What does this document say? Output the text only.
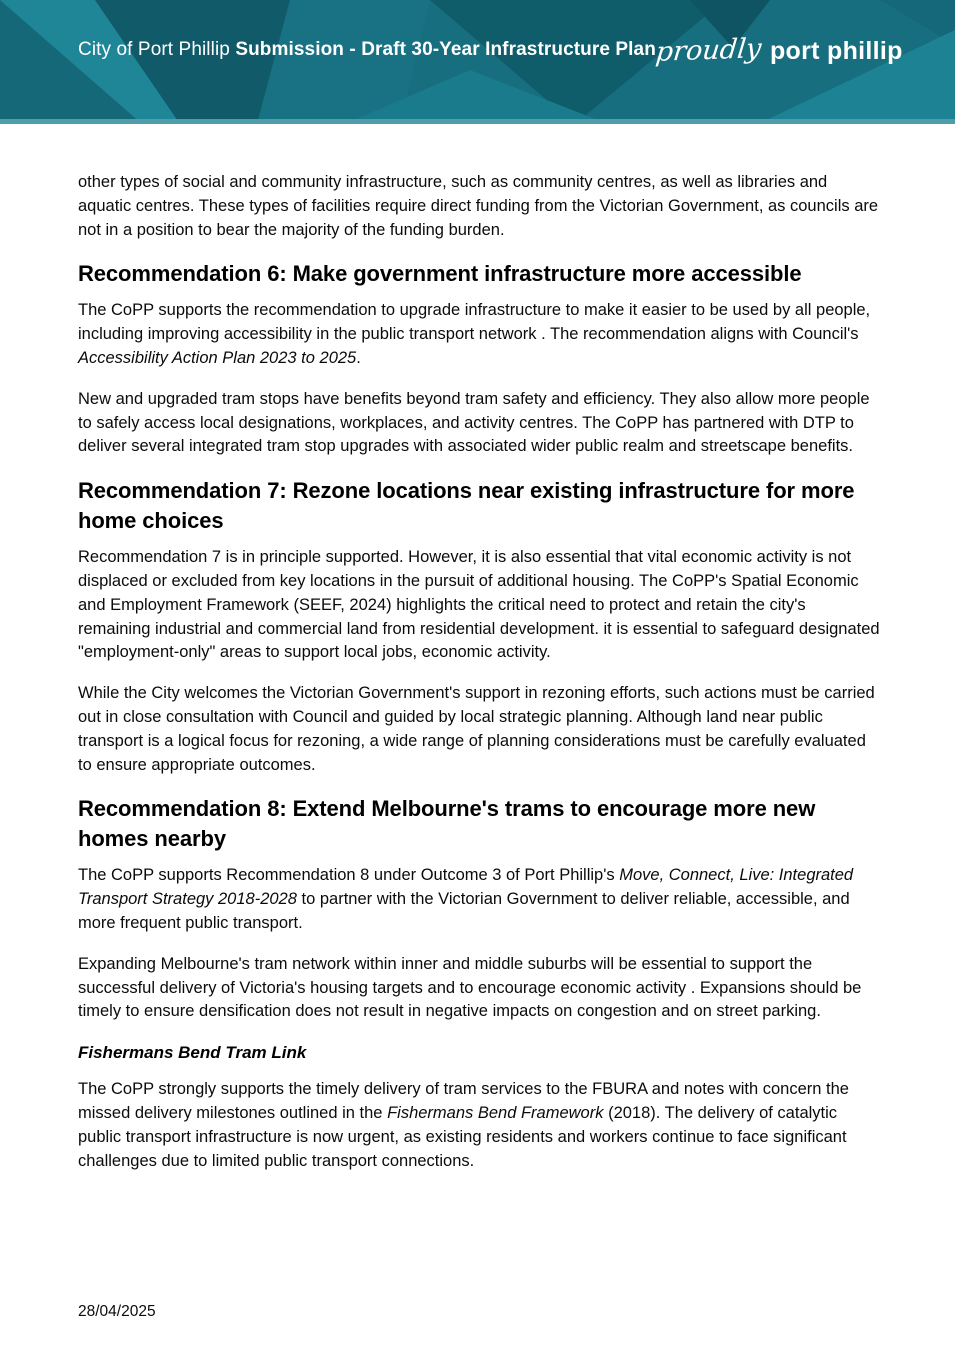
City of Port Phillip Submission - Draft 30-Year Infrastructure Plan
proudly port phillip

other types of social and community infrastructure, such as community centres, as well as libraries and aquatic centres. These types of facilities require direct funding from the Victorian Government, as councils are not in a position to bear the majority of the funding burden.

Recommendation 6: Make government infrastructure more accessible

The CoPP supports the recommendation to upgrade infrastructure to make it easier to be used by all people, including improving accessibility in the public transport network . The recommendation aligns with Council's Accessibility Action Plan 2023 to 2025.

New and upgraded tram stops have benefits beyond tram safety and efficiency. They also allow more people to safely access local designations, workplaces, and activity centres. The CoPP has partnered with DTP to deliver several integrated tram stop upgrades with associated wider public realm and streetscape benefits.

Recommendation 7: Rezone locations near existing infrastructure for more home choices

Recommendation 7 is in principle supported. However, it is also essential that vital economic activity is not displaced or excluded from key locations in the pursuit of additional housing. The CoPP's Spatial Economic and Employment Framework (SEEF, 2024) highlights the critical need to protect and retain the city's remaining industrial and commercial land from residential development. it is essential to safeguard designated "employment-only" areas to support local jobs, economic activity.

While the City welcomes the Victorian Government's support in rezoning efforts, such actions must be carried out in close consultation with Council and guided by local strategic planning. Although land near public transport is a logical focus for rezoning, a wide range of planning considerations must be carefully evaluated to ensure appropriate outcomes.

Recommendation 8: Extend Melbourne's trams to encourage more new homes nearby

The CoPP supports Recommendation 8 under Outcome 3 of Port Phillip's Move, Connect, Live: Integrated Transport Strategy 2018-2028 to partner with the Victorian Government to deliver reliable, accessible, and more frequent public transport.

Expanding Melbourne's tram network within inner and middle suburbs will be essential to support the successful delivery of Victoria's housing targets and to encourage economic activity . Expansions should be timely to ensure densification does not result in negative impacts on congestion and on street parking.

Fishermans Bend Tram Link

The CoPP strongly supports the timely delivery of tram services to the FBURA and notes with concern the missed delivery milestones outlined in the Fishermans Bend Framework (2018). The delivery of catalytic public transport infrastructure is now urgent, as existing residents and workers continue to face significant challenges due to limited public transport connections.

28/04/2025
